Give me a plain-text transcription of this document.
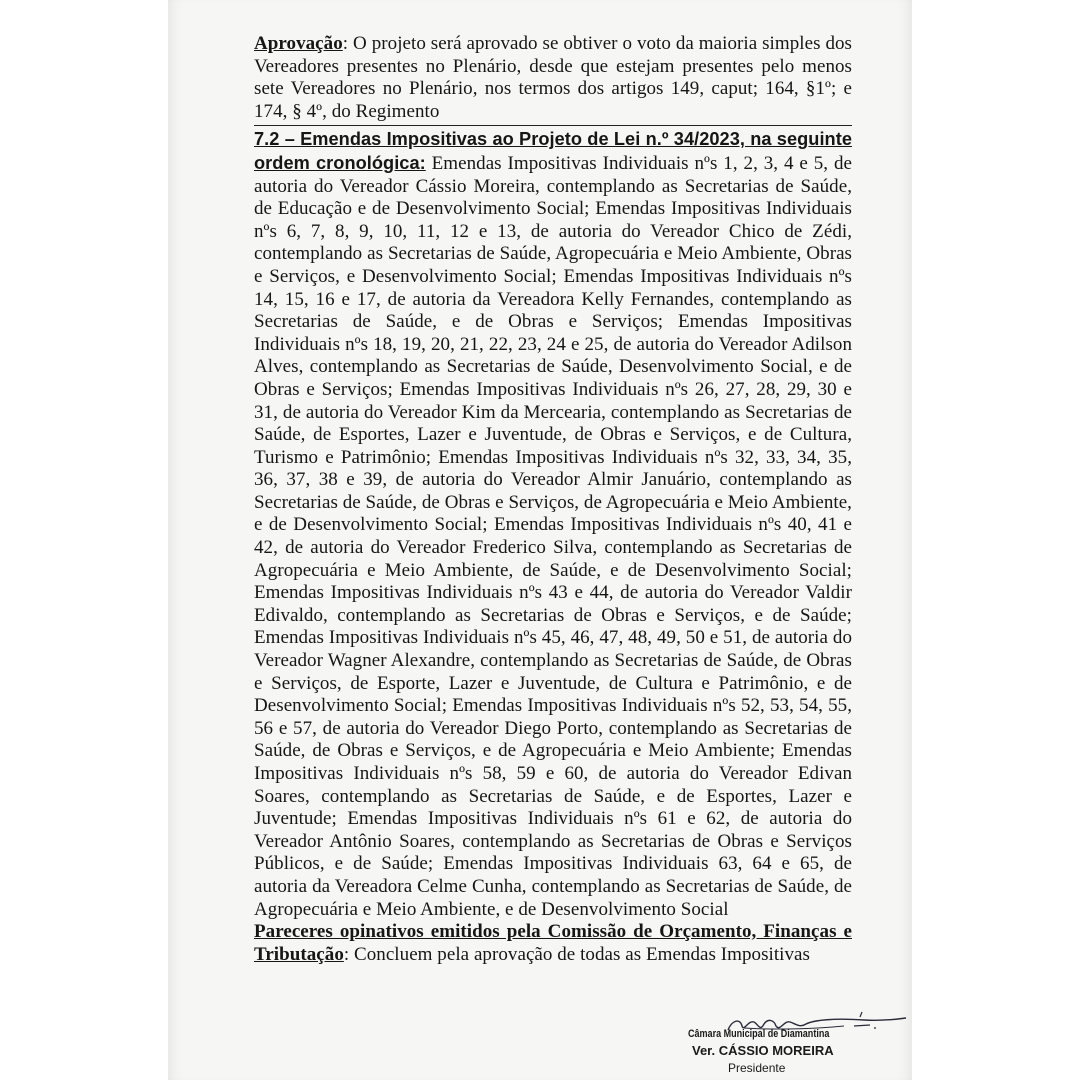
Aprovação: O projeto será aprovado se obtiver o voto da maioria simples dos Vereadores presentes no Plenário, desde que estejam presentes pelo menos sete Vereadores no Plenário, nos termos dos artigos 149, caput; 164, §1º; e 174, § 4º, do Regimento

7.2 – Emendas Impositivas ao Projeto de Lei n.º 34/2023, na seguinte ordem cronológica: Emendas Impositivas Individuais nºs 1, 2, 3, 4 e 5, de autoria do Vereador Cássio Moreira, contemplando as Secretarias de Saúde, de Educação e de Desenvolvimento Social; Emendas Impositivas Individuais nºs 6, 7, 8, 9, 10, 11, 12 e 13, de autoria do Vereador Chico de Zédi, contemplando as Secretarias de Saúde, Agropecuária e Meio Ambiente, Obras e Serviços, e Desenvolvimento Social; Emendas Impositivas Individuais nºs 14, 15, 16 e 17, de autoria da Vereadora Kelly Fernandes, contemplando as Secretarias de Saúde, e de Obras e Serviços; Emendas Impositivas Individuais nºs 18, 19, 20, 21, 22, 23, 24 e 25, de autoria do Vereador Adilson Alves, contemplando as Secretarias de Saúde, Desenvolvimento Social, e de Obras e Serviços; Emendas Impositivas Individuais nºs 26, 27, 28, 29, 30 e 31, de autoria do Vereador Kim da Mercearia, contemplando as Secretarias de Saúde, de Esportes, Lazer e Juventude, de Obras e Serviços, e de Cultura, Turismo e Patrimônio; Emendas Impositivas Individuais nºs 32, 33, 34, 35, 36, 37, 38 e 39, de autoria do Vereador Almir Januário, contemplando as Secretarias de Saúde, de Obras e Serviços, de Agropecuária e Meio Ambiente, e de Desenvolvimento Social; Emendas Impositivas Individuais nºs 40, 41 e 42, de autoria do Vereador Frederico Silva, contemplando as Secretarias de Agropecuária e Meio Ambiente, de Saúde, e de Desenvolvimento Social; Emendas Impositivas Individuais nºs 43 e 44, de autoria do Vereador Valdir Edivaldo, contemplando as Secretarias de Obras e Serviços, e de Saúde; Emendas Impositivas Individuais nºs 45, 46, 47, 48, 49, 50 e 51, de autoria do Vereador Wagner Alexandre, contemplando as Secretarias de Saúde, de Obras e Serviços, de Esporte, Lazer e Juventude, de Cultura e Patrimônio, e de Desenvolvimento Social; Emendas Impositivas Individuais nºs 52, 53, 54, 55, 56 e 57, de autoria do Vereador Diego Porto, contemplando as Secretarias de Saúde, de Obras e Serviços, e de Agropecuária e Meio Ambiente; Emendas Impositivas Individuais nºs 58, 59 e 60, de autoria do Vereador Edivan Soares, contemplando as Secretarias de Saúde, e de Esportes, Lazer e Juventude; Emendas Impositivas Individuais nºs 61 e 62, de autoria do Vereador Antônio Soares, contemplando as Secretarias de Obras e Serviços Públicos, e de Saúde; Emendas Impositivas Individuais 63, 64 e 65, de autoria da Vereadora Celme Cunha, contemplando as Secretarias de Saúde, de Agropecuária e Meio Ambiente, e de Desenvolvimento Social

Pareceres opinativos emitidos pela Comissão de Orçamento, Finanças e Tributação: Concluem pela aprovação de todas as Emendas Impositivas

Câmara Municipal de Diamantina
Ver. CÁSSIO MOREIRA
Presidente
